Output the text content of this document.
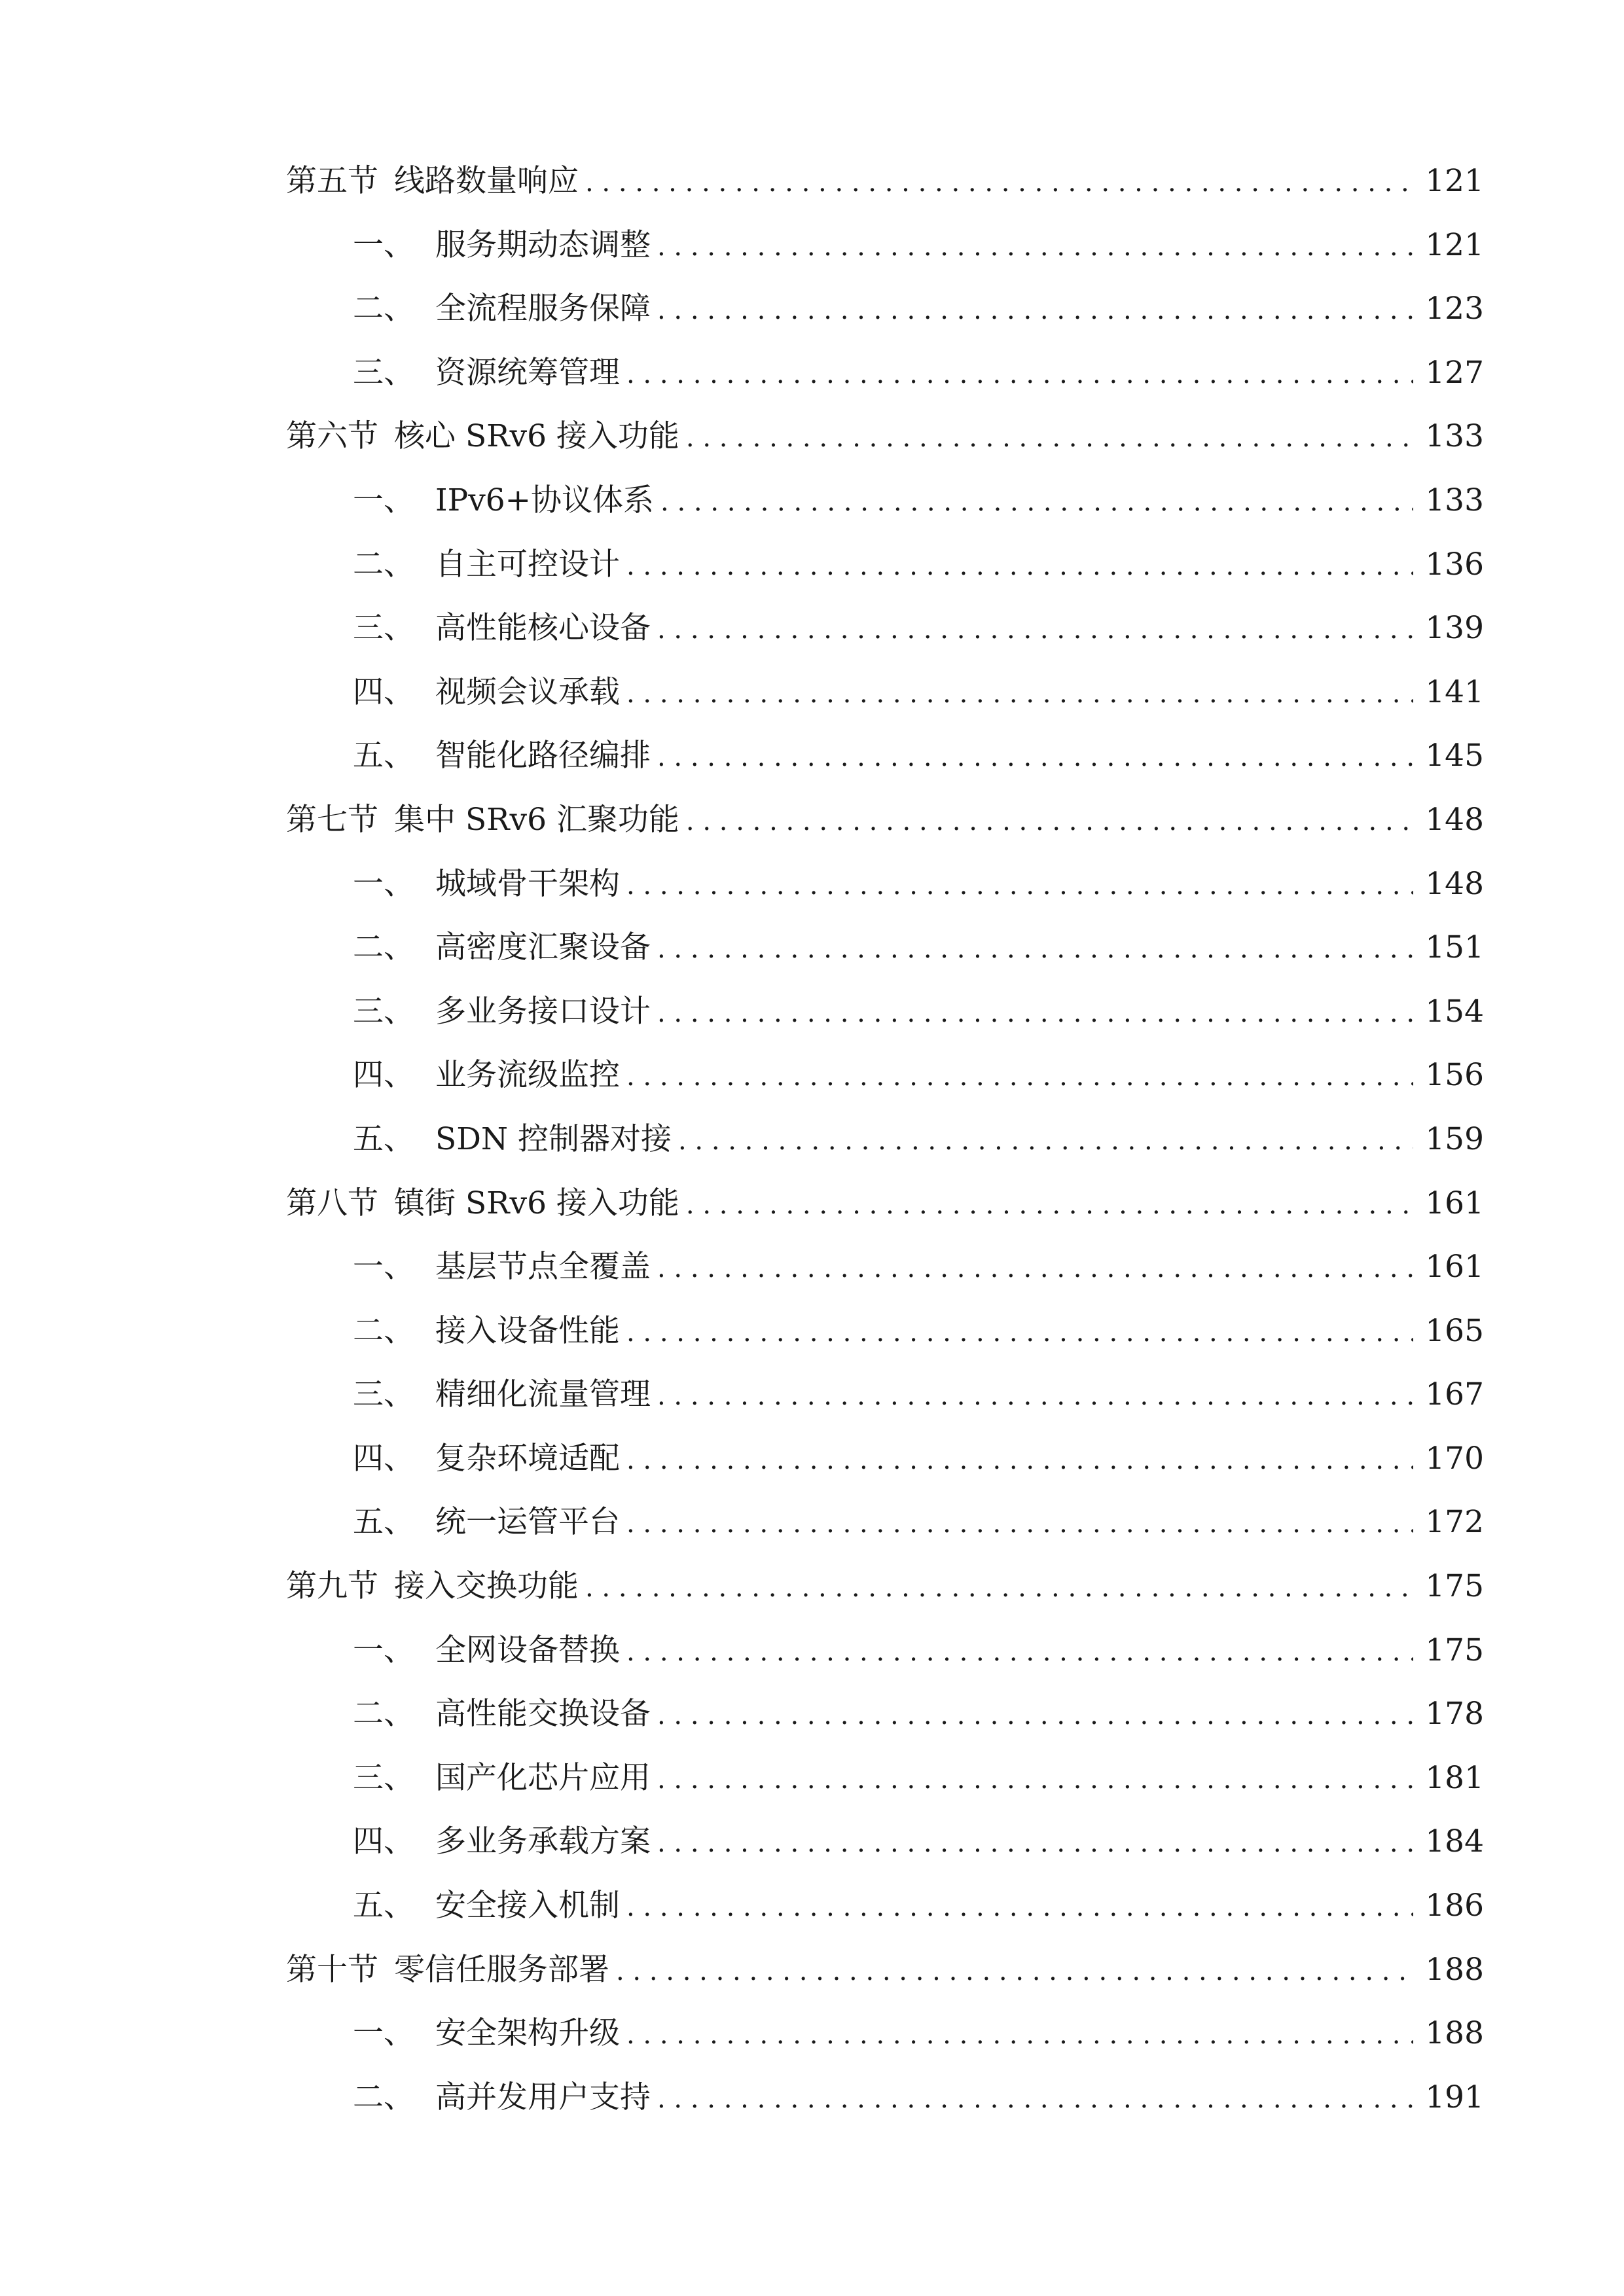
第五节 线路数量响应 . . .	121
一、 服务期动态调整 . . .	121
二、 全流程服务保障 . . .	123
三、 资源统筹管理 . . .	127
第六节 核心 SRv6 接入功能 . . .	133
一、 IPv6+协议体系 . . .	133
二、 自主可控设计 . . .	136
三、 高性能核心设备 . . .	139
四、 视频会议承载 . . .	141
五、 智能化路径编排 . . .	145
第七节 集中 SRv6 汇聚功能 . . .	148
一、 城域骨干架构 . . .	148
二、 高密度汇聚设备 . . .	151
三、 多业务接口设计 . . .	154
四、 业务流级监控 . . .	156
五、 SDN 控制器对接 . . .	159
第八节 镇街 SRv6 接入功能 . . .	161
一、 基层节点全覆盖 . . .	161
二、 接入设备性能 . . .	165
三、 精细化流量管理 . . .	167
四、 复杂环境适配 . . .	170
五、 统一运管平台 . . .	172
第九节 接入交换功能 . . .	175
一、 全网设备替换 . . .	175
二、 高性能交换设备 . . .	178
三、 国产化芯片应用 . . .	181
四、 多业务承载方案 . . .	184
五、 安全接入机制 . . .	186
第十节 零信任服务部署 . . .	188
一、 安全架构升级 . . .	188
二、 高并发用户支持 . . .	191
